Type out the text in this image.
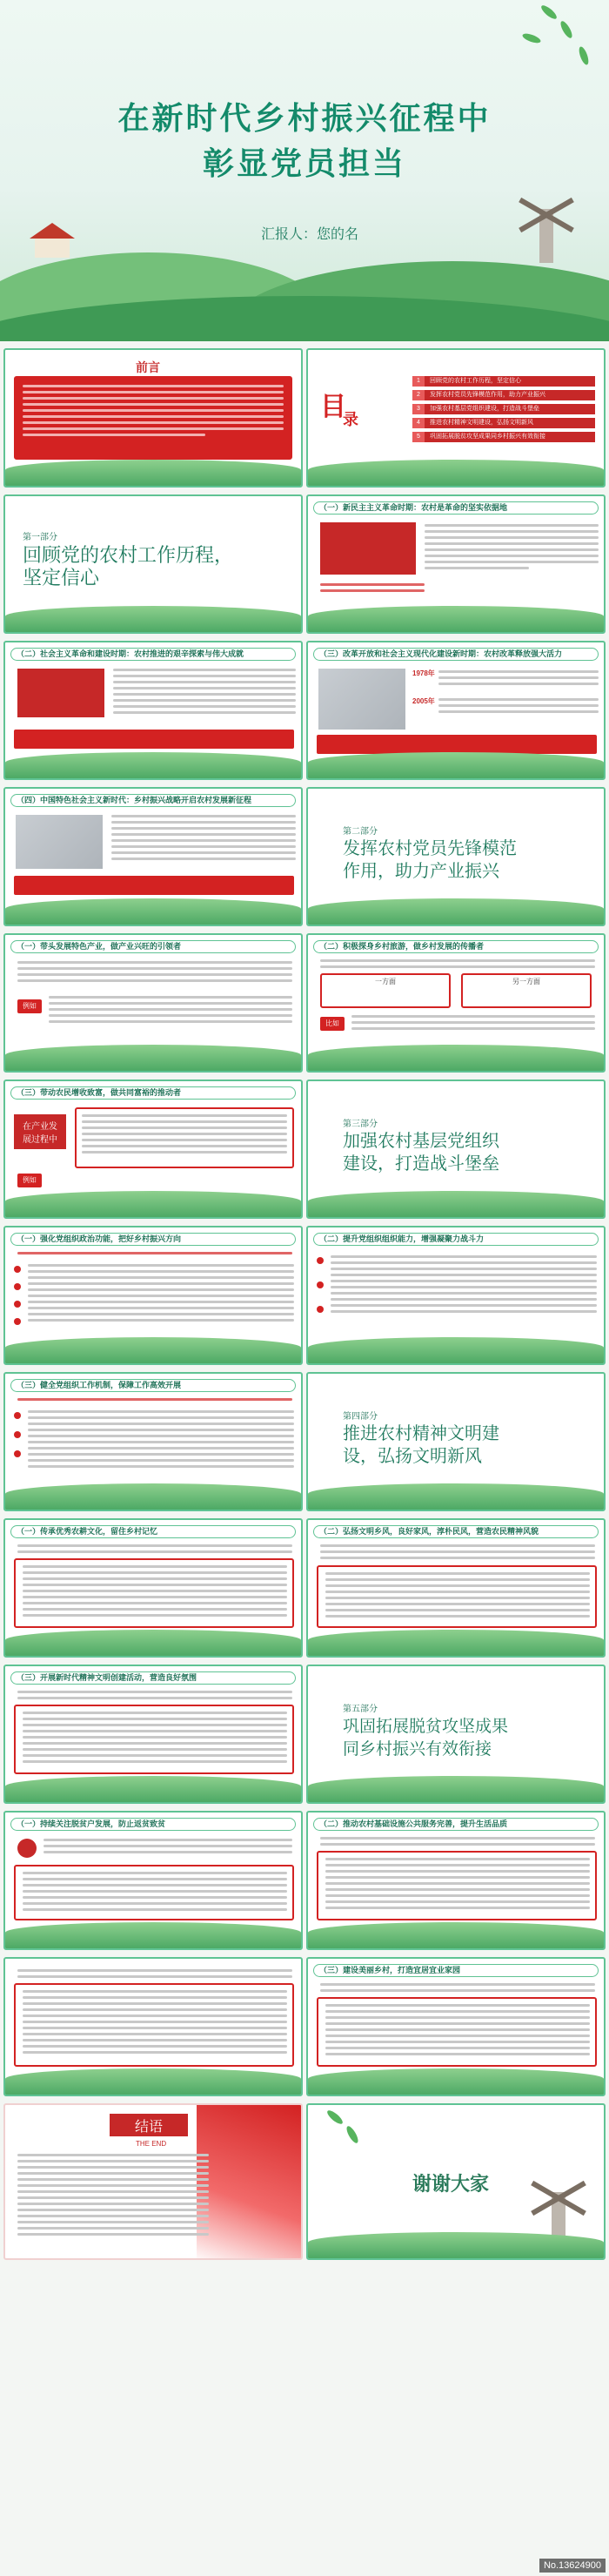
在新时代乡村振兴征程中
彰显党员担当
汇报人：您的名
前言
目
录
1	回顾党的农村工作历程，坚定信心
2	发挥农村党员先锋模范作用，助力产业振兴
3	加强农村基层党组织建设，打造战斗堡垒
4	推进农村精神文明建设，弘扬文明新风
5	巩固拓展脱贫攻坚成果同乡村振兴有效衔接
第一部分
回顾党的农村工作历程，
坚定信心
（一）新民主主义革命时期：农村是革命的坚实依据地
（二）社会主义革命和建设时期：农村推进的艰辛探索与伟大成就	（三）改革开放和社会主义现代化建设新时期：农村改革释放强大活力
1978年
2005年
（四）中国特色社会主义新时代：乡村振兴战略开启农村发展新征程
第二部分
发挥农村党员先锋模范
作用，助力产业振兴
（一）带头发展特色产业，做产业兴旺的引领者
例如
（二）积极探身乡村旅游，做乡村发展的传播者
一方面	另一方面
比如
（三）带动农民增收致富，做共同富裕的推动者
在产业发
展过程中
例如
第三部分
加强农村基层党组织
建设，打造战斗堡垒
（一）强化党组织政治功能，把好乡村振兴方向	（二）提升党组织组织能力，增强凝聚力战斗力
（三）健全党组织工作机制，保障工作高效开展
第四部分
推进农村精神文明建
设，弘扬文明新风
（一）传承优秀农耕文化，留住乡村记忆	（二）弘扬文明乡风，良好家风，淳朴民风，营造农民精神风貌
（三）开展新时代精神文明创建活动，营造良好氛围
第五部分
巩固拓展脱贫攻坚成果
同乡村振兴有效衔接
（一）持续关注脱贫户发展，防止返贫致贫	（二）推动农村基础设施公共服务完善，提升生活品质
（三）建设美丽乡村，打造宜居宜业家园
结语
THE END
谢谢大家
No.13624900
